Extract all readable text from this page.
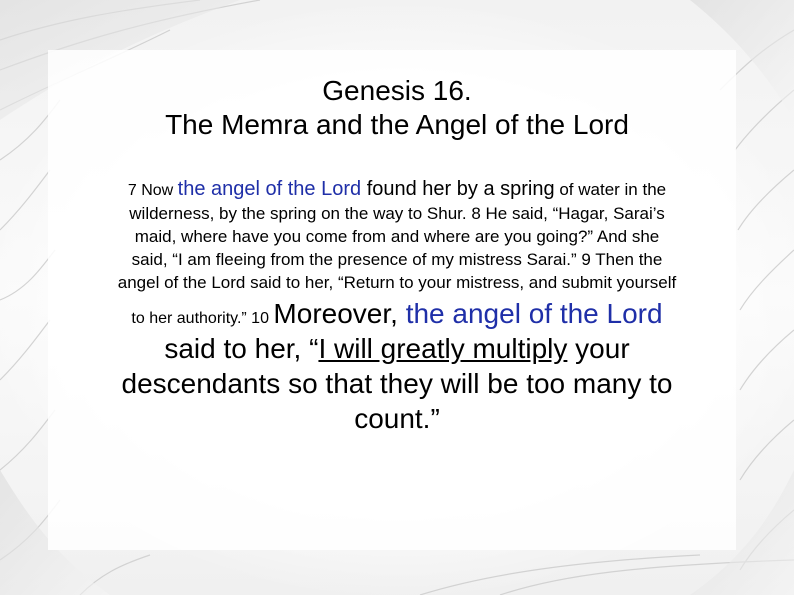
Genesis 16.
The Memra and the Angel of the Lord
7 Now the angel of the Lord found her by a spring of water in the
wilderness, by the spring on the way to Shur. 8 He said, “Hagar, Sarai’s
maid, where have you come from and where are you going?” And she
said, “I am fleeing from the presence of my mistress Sarai.” 9 Then the
angel of the Lord said to her, “Return to your mistress, and submit yourself
to her authority.” 10 Moreover, the angel of the Lord
said to her, “I will greatly multiply your
descendants so that they will be too many to
count.”
